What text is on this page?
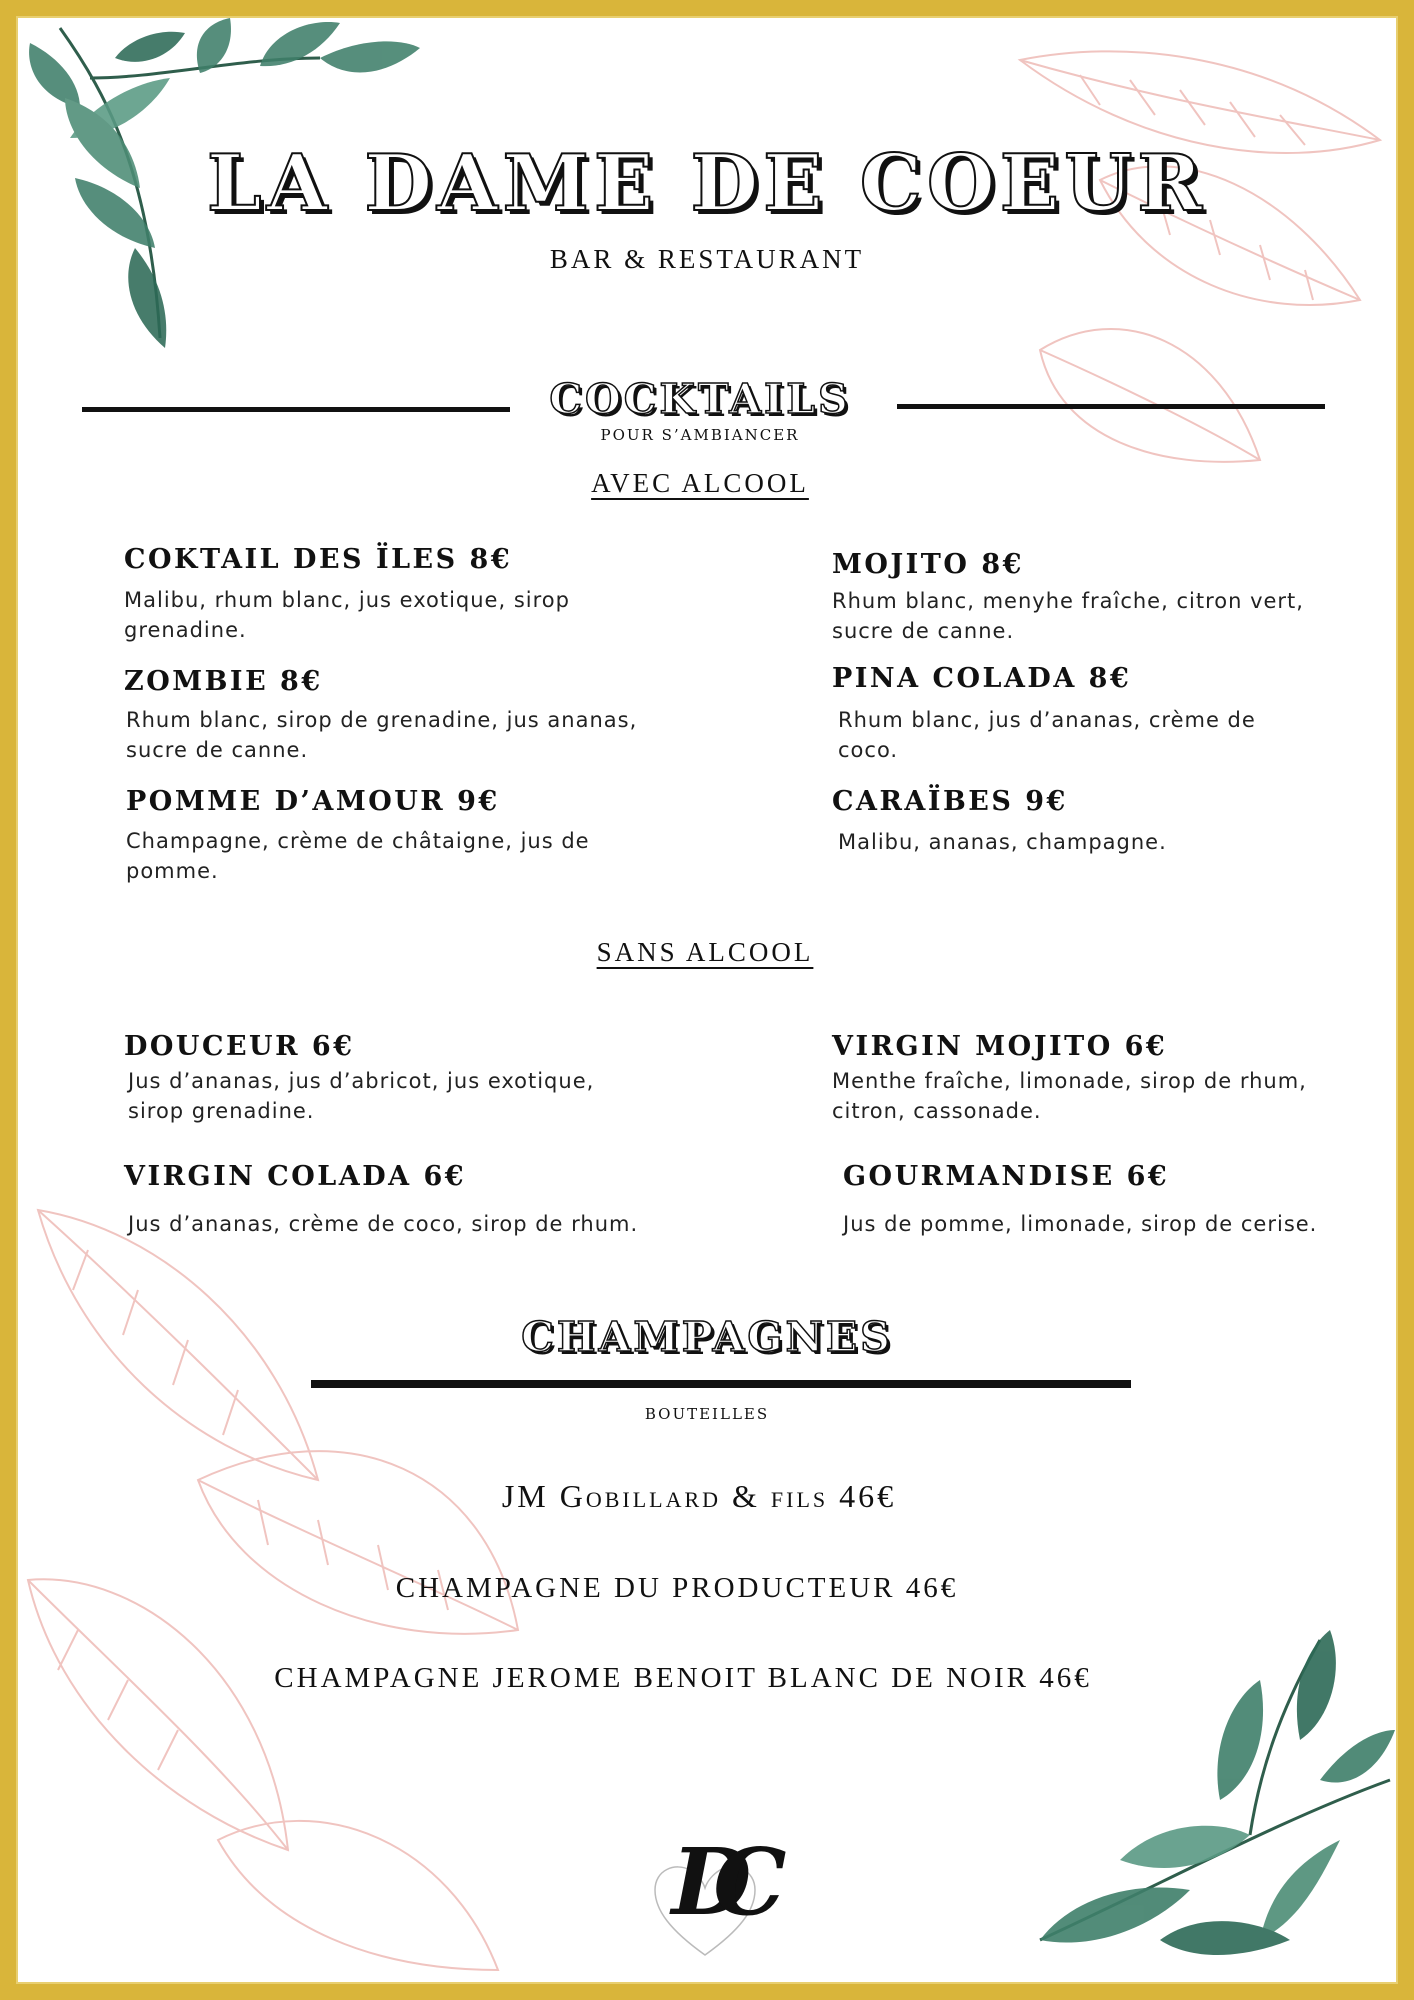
LA DAME DE COEUR
BAR & RESTAURANT
COCKTAILS
POUR S’AMBIANCER
AVEC ALCOOL
COKTAIL DES ÏLES 8€
Malibu, rhum blanc, jus exotique, sirop grenadine.
MOJITO 8€
Rhum blanc, menyhe fraîche, citron vert, sucre de canne.
ZOMBIE 8€
Rhum blanc, sirop de grenadine, jus ananas, sucre de canne.
PINA COLADA 8€
Rhum blanc, jus d’ananas, crème de coco.
POMME D’AMOUR 9€
Champagne, crème de châtaigne, jus de pomme.
CARAÏBES 9€
Malibu, ananas, champagne.
SANS ALCOOL
DOUCEUR 6€
Jus d’ananas, jus d’abricot, jus exotique, sirop grenadine.
VIRGIN MOJITO 6€
Menthe fraîche, limonade, sirop de rhum, citron, cassonade.
VIRGIN COLADA 6€
Jus d’ananas, crème de coco, sirop de rhum.
GOURMANDISE 6€
Jus de pomme, limonade, sirop de cerise.
CHAMPAGNES
BOUTEILLES
JM Gobillard & fils 46€
CHAMPAGNE DU PRODUCTEUR 46€
CHAMPAGNE JEROME BENOIT BLANC DE NOIR 46€
DC
